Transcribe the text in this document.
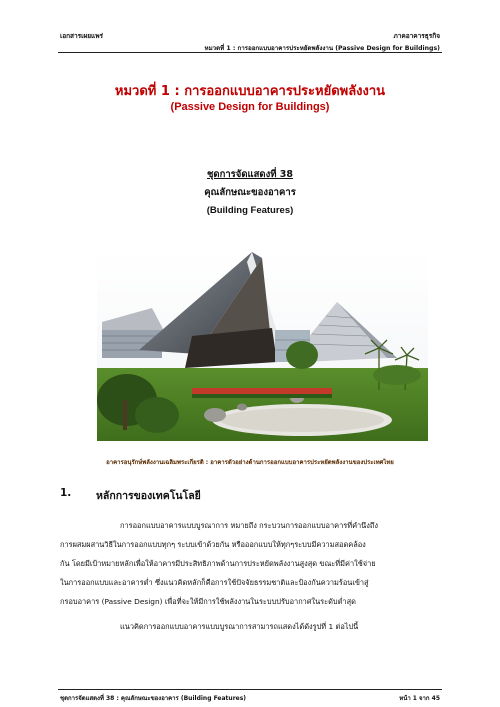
เอกสารเผยแพร่	ภาคอาคารธุรกิจ
หมวดที่ 1 : การออกแบบอาคารประหยัดพลังงาน (Passive Design for Buildings)
หมวดที่ 1 : การออกแบบอาคารประหยัดพลังงาน
(Passive Design for Buildings)
ชุดการจัดแสดงที่ 38
คุณลักษณะของอาคาร
(Building Features)
อาคารอนุรักษ์พลังงานเฉลิมพระเกียรติ : อาคารตัวอย่างด้านการออกแบบอาคารประหยัดพลังงานของประเทศไทย
1. หลักการของเทคโนโลยี
การออกแบบอาคารแบบบูรณาการ หมายถึง กระบวนการออกแบบอาคารที่คำนึงถึง
การผสมผสานวิธีในการออกแบบทุกๆ ระบบเข้าด้วยกัน หรือออกแบบให้ทุกๆระบบมีความสอดคล้อง
กัน โดยมีเป้าหมายหลักเพื่อให้อาคารมีประสิทธิภาพด้านการประหยัดพลังงานสูงสุด ขณะที่มีค่าใช้จ่าย
ในการออกแบบและอาคารต่ำ ซึ่งแนวคิดหลักก็คือการใช้ปัจจัยธรรมชาติและป้องกันความร้อนเข้าสู่
กรอบอาคาร (Passive Design) เพื่อที่จะให้มีการใช้พลังงานในระบบปรับอากาศในระดับต่ำสุด
แนวคิดการออกแบบอาคารแบบบูรณาการสามารถแสดงได้ดังรูปที่ 1 ต่อไปนี้
ชุดการจัดแสดงที่ 38 : คุณลักษณะของอาคาร (Building Features)	หน้า 1 จาก 45
